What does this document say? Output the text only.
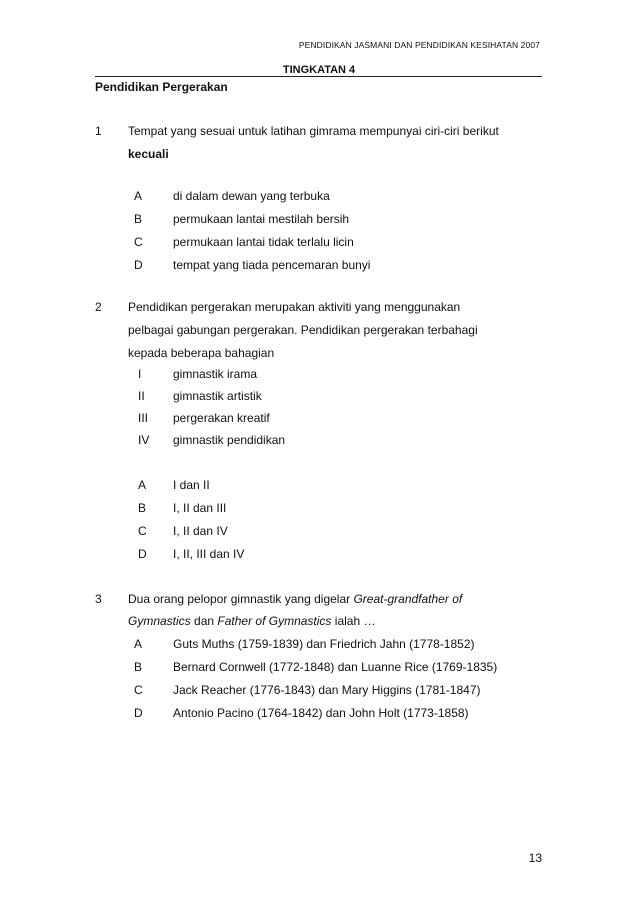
PENDIDIKAN JASMANI DAN PENDIDIKAN KESIHATAN 2007
TINGKATAN 4
Pendidikan Pergerakan
1 Tempat yang sesuai untuk latihan gimrama mempunyai ciri-ciri berikut
kecuali
A	di dalam dewan yang terbuka
B	permukaan lantai mestilah bersih
C	permukaan lantai tidak terlalu licin
D	tempat yang tiada pencemaran bunyi
2 Pendidikan pergerakan merupakan aktiviti yang menggunakan
pelbagai gabungan pergerakan. Pendidikan pergerakan terbahagi
kepada beberapa bahagian
I	gimnastik irama
II gimnastik artistik
III pergerakan kreatif
IV gimnastik pendidikan
A I dan II
B I, II dan III
C I, II dan IV
D I, II, III dan IV
3 Dua orang pelopor gimnastik yang digelar Great-grandfather of
Gymnastics dan Father of Gymnastics ialah …
A	Guts Muths (1759-1839) dan Friedrich Jahn (1778-1852)
B	Bernard Cornwell (1772-1848) dan Luanne Rice (1769-1835)
C	Jack Reacher (1776-1843) dan Mary Higgins (1781-1847)
D	Antonio Pacino (1764-1842) dan John Holt (1773-1858)
13
